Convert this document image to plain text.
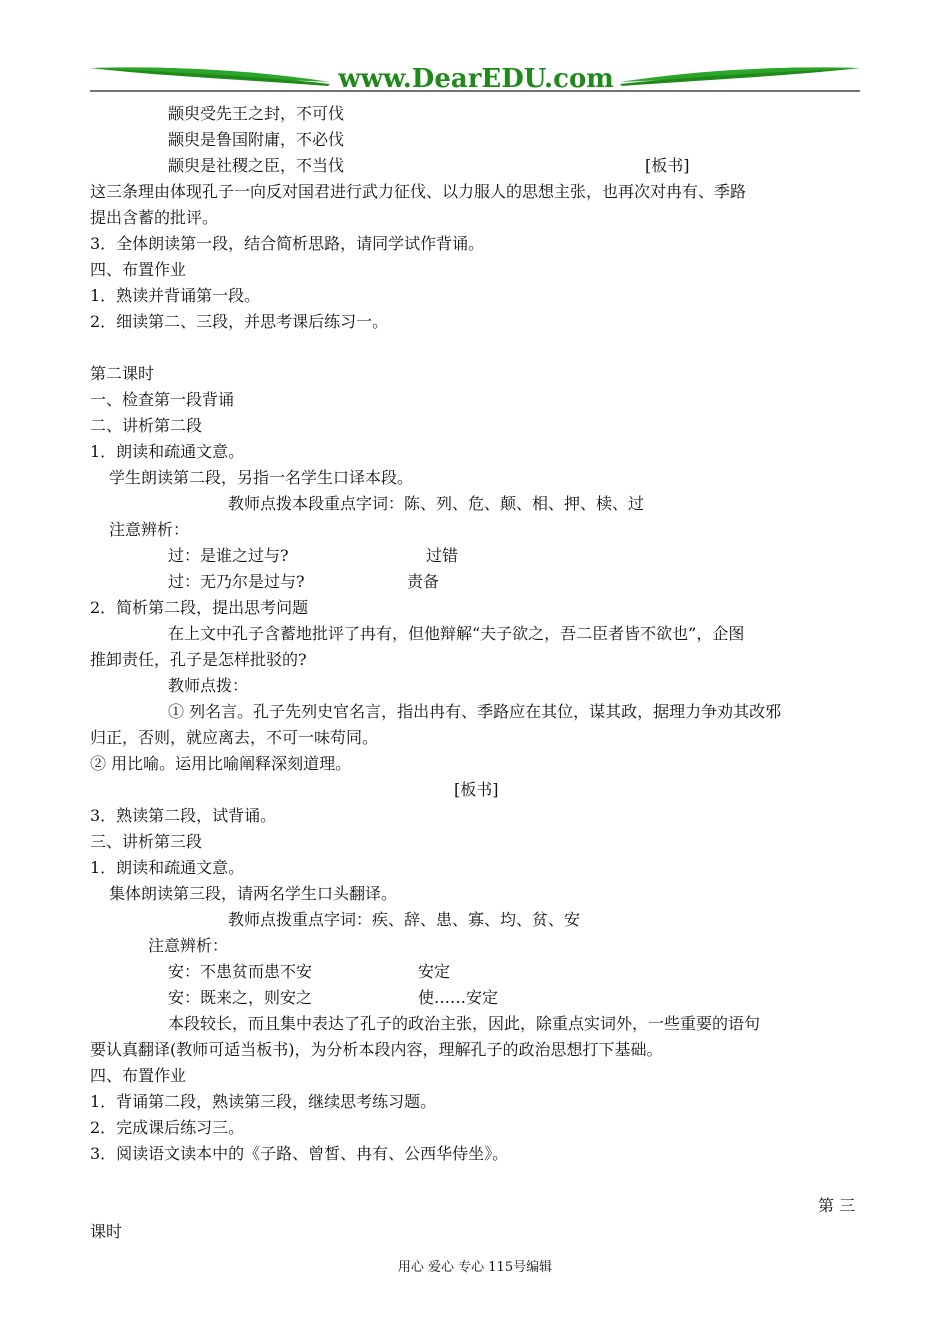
www.DearEDU.com
颛臾受先王之封，不可伐
颛臾是鲁国附庸，不必伐
颛臾是社稷之臣，不当伐	[板书]
这三条理由体现孔子一向反对国君进行武力征伐、以力服人的思想主张，也再次对冉有、季路
提出含蓄的批评。
3．全体朗读第一段，结合简析思路，请同学试作背诵。
四、布置作业
1．熟读并背诵第一段。
2．细读第二、三段，并思考课后练习一。
第二课时
一、检查第一段背诵
二、讲析第二段
1．朗读和疏通文意。
学生朗读第二段，另指一名学生口译本段。
教师点拨本段重点字词：陈、列、危、颠、相、押、椟、过
注意辨析：
过：是谁之过与?	过错
过：无乃尔是过与?	责备
2．简析第二段，提出思考问题
在上文中孔子含蓄地批评了冉有，但他辩解“夫子欲之，吾二臣者皆不欲也”，企图
推卸责任，孔子是怎样批驳的?
教师点拨：
① 列名言。孔子先列史官名言，指出冉有、季路应在其位，谋其政，据理力争劝其改邪
归正，否则，就应离去，不可一味苟同。
② 用比喻。运用比喻阐释深刻道理。
[板书]
3．熟读第二段，试背诵。
三、讲析第三段
1．朗读和疏通文意。
集体朗读第三段，请两名学生口头翻译。
教师点拨重点字词：疾、辞、患、寡、均、贫、安
注意辨析：
安：不患贫而患不安	安定
安：既来之，则安之	使……安定
本段较长，而且集中表达了孔子的政治主张，因此，除重点实词外，一些重要的语句
要认真翻译(教师可适当板书)，为分析本段内容，理解孔子的政治思想打下基础。
四、布置作业
1．背诵第二段，熟读第三段，继续思考练习题。
2．完成课后练习三。
3．阅读语文读本中的《子路、曾皙、冉有、公西华侍坐》。
第 三
课时
用心 爱心 专心 115号编辑
